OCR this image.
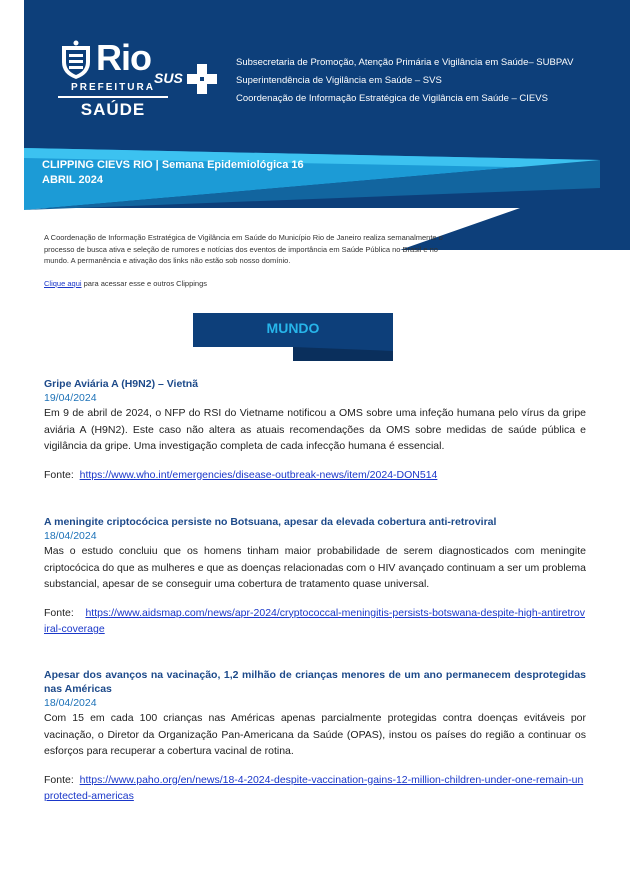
Rio
PREFEITURA
SAÚDE
SUS
Subsecretaria de Promoção, Atenção Primária e Vigilância em Saúde– SUBPAV
Superintendência de Vigilância em Saúde – SVS
Coordenação de Informação Estratégica de Vigilância em Saúde – CIEVS
CLIPPING CIEVS RIO | Semana Epidemiológica 16
ABRIL 2024
A Coordenação de Informação Estratégica de Vigilância em Saúde do Município Rio de Janeiro realiza semanalmente o processo de busca ativa e seleção de rumores e notícias dos eventos de importância em Saúde Pública no Brasil e no mundo. A permanência e ativação dos links não estão sob nosso domínio.
Clique aqui para acessar esse e outros Clippings
MUNDO
Gripe Aviária A (H9N2) – Vietnã
19/04/2024
Em 9 de abril de 2024, o NFP do RSI do Vietname notificou a OMS sobre uma infeção humana pelo vírus da gripe aviária A (H9N2). Este caso não altera as atuais recomendações da OMS sobre medidas de saúde pública e vigilância da gripe. Uma investigação completa de cada infecção humana é essencial.
Fonte: https://www.who.int/emergencies/disease-outbreak-news/item/2024-DON514
A meningite criptocócica persiste no Botsuana, apesar da elevada cobertura anti-retroviral
18/04/2024
Mas o estudo concluiu que os homens tinham maior probabilidade de serem diagnosticados com meningite criptocócica do que as mulheres e que as doenças relacionadas com o HIV avançado continuam a ser um problema substancial, apesar de se conseguir uma cobertura de tratamento quase universal.
Fonte: https://www.aidsmap.com/news/apr-2024/cryptococcal-meningitis-persists-botswana-despite-high-antiretroviral-coverage
Apesar dos avanços na vacinação, 1,2 milhão de crianças menores de um ano permanecem desprotegidas nas Américas
18/04/2024
Com 15 em cada 100 crianças nas Américas apenas parcialmente protegidas contra doenças evitáveis por vacinação, o Diretor da Organização Pan-Americana da Saúde (OPAS), instou os países do região a continuar os esforços para recuperar a cobertura vacinal de rotina.
Fonte: https://www.paho.org/en/news/18-4-2024-despite-vaccination-gains-12-million-children-under-one-remain-unprotected-americas
